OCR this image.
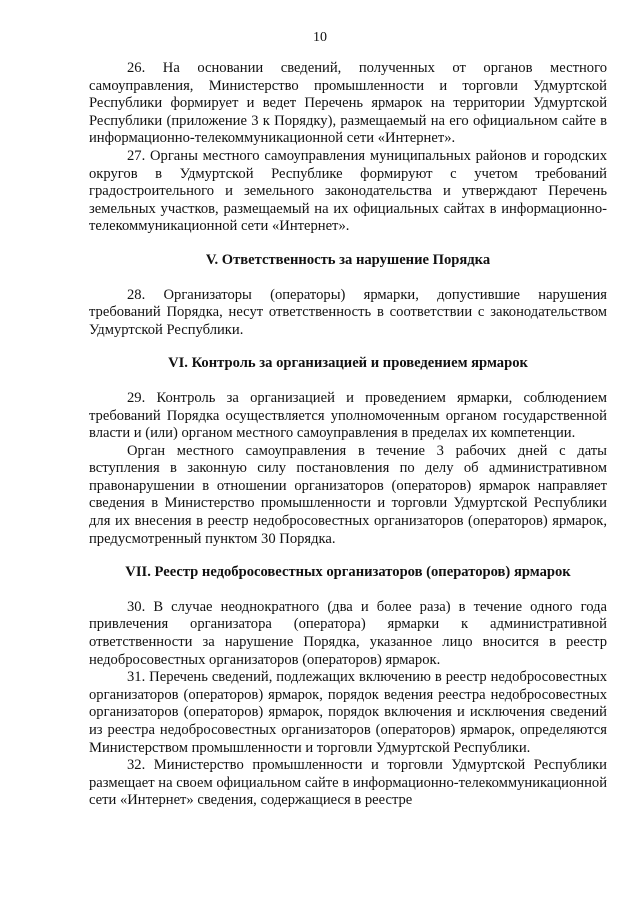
10

26. На основании сведений, полученных от органов местного самоуправления, Министерство промышленности и торговли Удмуртской Республики формирует и ведет Перечень ярмарок на территории Удмуртской Республики (приложение 3 к Порядку), размещаемый на его официальном сайте в информационно-телекоммуникационной сети «Интернет».

27. Органы местного самоуправления муниципальных районов и городских округов в Удмуртской Республике формируют с учетом требований градостроительного и земельного законодательства и утверждают Перечень земельных участков, размещаемый на их официальных сайтах в информационно-телекоммуникационной сети «Интернет».

V. Ответственность за нарушение Порядка

28. Организаторы (операторы) ярмарки, допустившие нарушения требований Порядка, несут ответственность в соответствии с законодательством Удмуртской Республики.

VI. Контроль за организацией и проведением ярмарок

29. Контроль за организацией и проведением ярмарки, соблюдением требований Порядка осуществляется уполномоченным органом государственной власти и (или) органом местного самоуправления в пределах их компетенции.

Орган местного самоуправления в течение 3 рабочих дней с даты вступления в законную силу постановления по делу об административном правонарушении в отношении организаторов (операторов) ярмарок направляет сведения в Министерство промышленности и торговли Удмуртской Республики для их внесения в реестр недобросовестных организаторов (операторов) ярмарок, предусмотренный пунктом 30 Порядка.

VII. Реестр недобросовестных организаторов (операторов) ярмарок

30. В случае неоднократного (два и более раза) в течение одного года привлечения организатора (оператора) ярмарки к административной ответственности за нарушение Порядка, указанное лицо вносится в реестр недобросовестных организаторов (операторов) ярмарок.

31. Перечень сведений, подлежащих включению в реестр недобросовестных организаторов (операторов) ярмарок, порядок ведения реестра недобросовестных организаторов (операторов) ярмарок, порядок включения и исключения сведений из реестра недобросовестных организаторов (операторов) ярмарок, определяются Министерством промышленности и торговли Удмуртской Республики.

32. Министерство промышленности и торговли Удмуртской Республики размещает на своем официальном сайте в информационно-телекоммуникационной сети «Интернет» сведения, содержащиеся в реестре
